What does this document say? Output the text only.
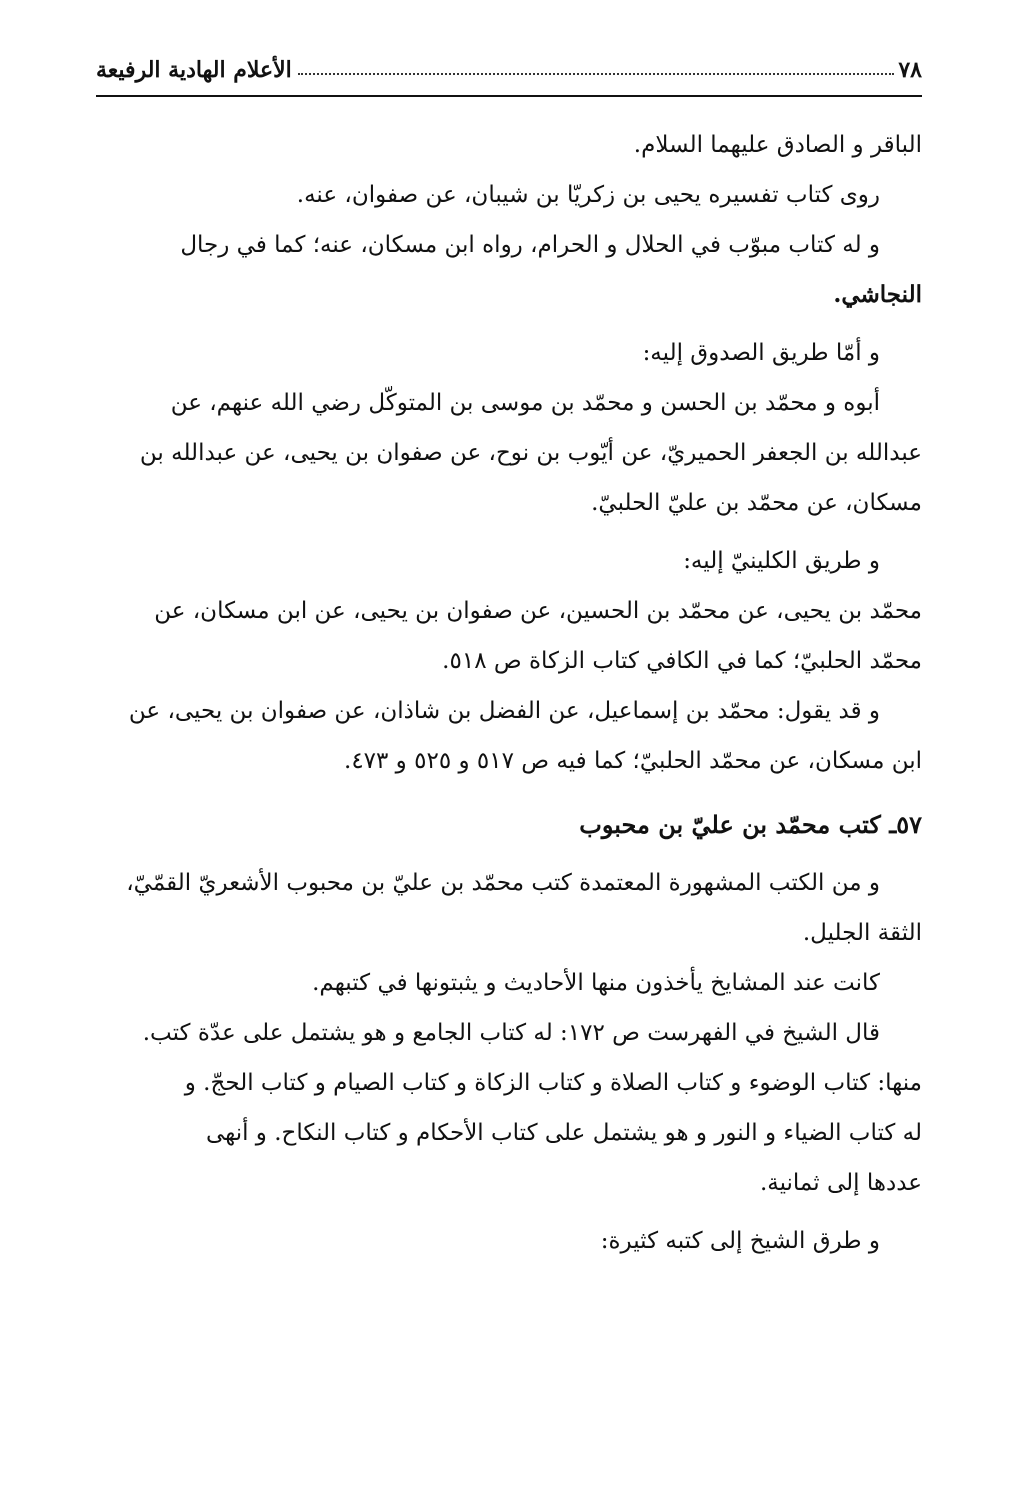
٧٨
الأعلام الهادية الرفيعة
الباقر و الصادق عليهما السلام.
روى كتاب تفسيره يحيى بن زكريّا بن شيبان، عن صفوان، عنه.
و له كتاب مبوّب في الحلال و الحرام، رواه ابن مسكان، عنه؛ كما في رجال
النجاشي.
و أمّا طريق الصدوق إليه:
أبوه و محمّد بن الحسن و محمّد بن موسى بن المتوكّل رضي الله عنهم، عن
عبدالله بن الجعفر الحميريّ، عن أيّوب بن نوح، عن صفوان بن يحيى، عن عبدالله بن
مسكان، عن محمّد بن عليّ الحلبيّ.
و طريق الكلينيّ إليه:
محمّد بن يحيى، عن محمّد بن الحسين، عن صفوان بن يحيى، عن ابن مسكان، عن
محمّد الحلبيّ؛ كما في الكافي كتاب الزكاة ص ٥١٨.
و قد يقول: محمّد بن إسماعيل، عن الفضل بن شاذان، عن صفوان بن يحيى، عن
ابن مسكان، عن محمّد الحلبيّ؛ كما فيه ص ٥١٧ و ٥٢٥ و ٤٧٣.
٥٧ـ كتب محمّد بن عليّ بن محبوب
و من الكتب المشهورة المعتمدة كتب محمّد بن عليّ بن محبوب الأشعريّ القمّيّ،
الثقة الجليل.
كانت عند المشايخ يأخذون منها الأحاديث و يثبتونها في كتبهم.
قال الشيخ في الفهرست ص ١٧٢: له كتاب الجامع و هو يشتمل على عدّة كتب.
منها: كتاب الوضوء و كتاب الصلاة و كتاب الزكاة و كتاب الصيام و كتاب الحجّ. و
له كتاب الضياء و النور و هو يشتمل على كتاب الأحكام و كتاب النكاح. و أنهى
عددها إلى ثمانية.
و طرق الشيخ إلى كتبه كثيرة:
